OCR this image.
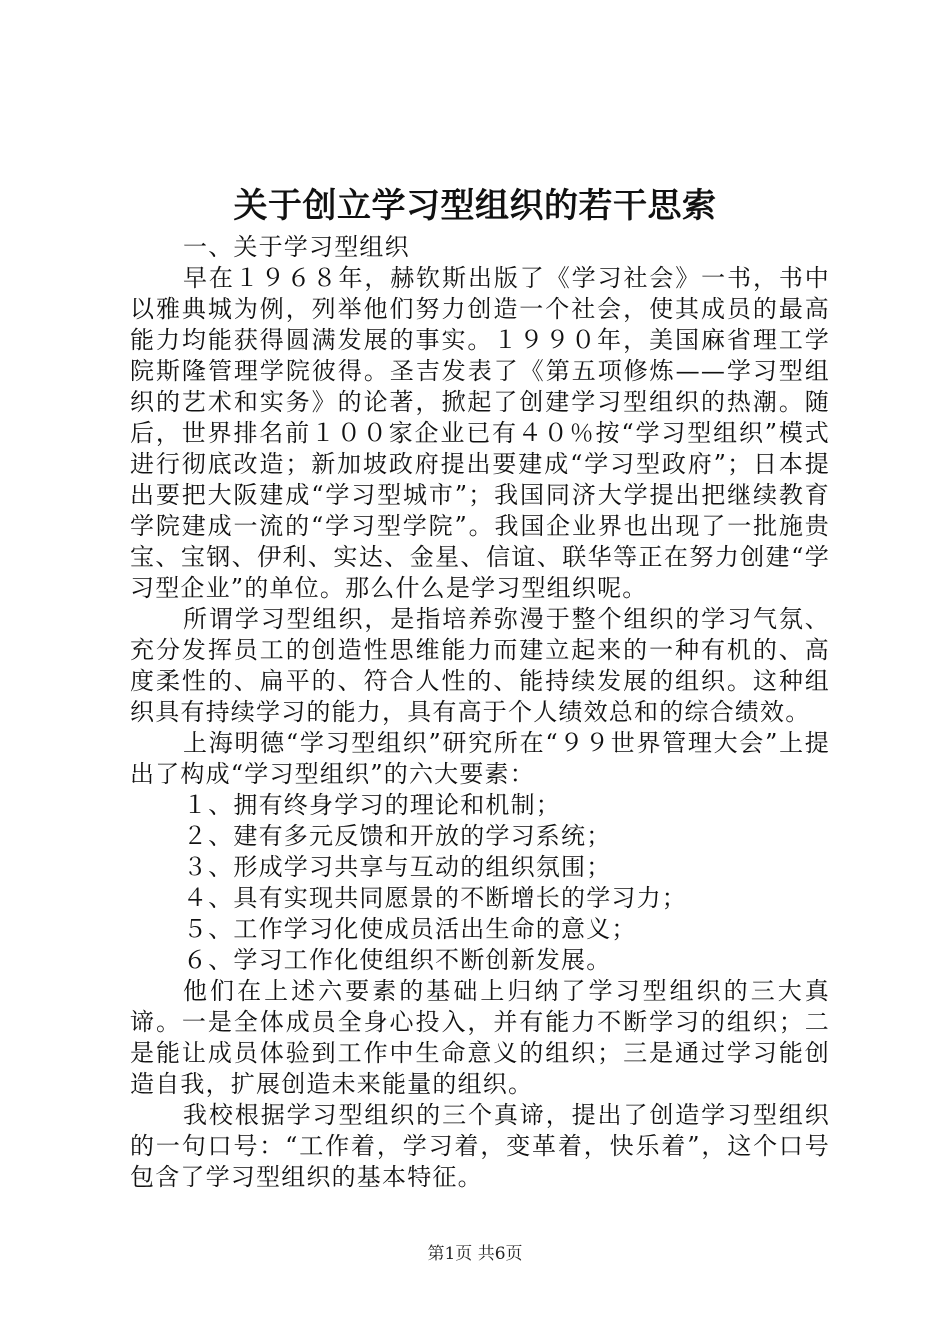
关于创立学习型组织的若干思索

一、关于学习型组织

早在１９６８年，赫钦斯出版了《学习社会》一书，书中以雅典城为例，列举他们努力创造一个社会，使其成员的最高能力均能获得圆满发展的事实。１９９０年，美国麻省理工学院斯隆管理学院彼得。圣吉发表了《第五项修炼——学习型组织的艺术和实务》的论著，掀起了创建学习型组织的热潮。随后，世界排名前１００家企业已有４０％按“学习型组织”模式进行彻底改造；新加坡政府提出要建成“学习型政府”；日本提出要把大阪建成“学习型城市”；我国同济大学提出把继续教育学院建成一流的“学习型学院”。我国企业界也出现了一批施贵宝、宝钢、伊利、实达、金星、信谊、联华等正在努力创建“学习型企业”的单位。那么什么是学习型组织呢。

所谓学习型组织，是指培养弥漫于整个组织的学习气氛、充分发挥员工的创造性思维能力而建立起来的一种有机的、高度柔性的、扁平的、符合人性的、能持续发展的组织。这种组织具有持续学习的能力，具有高于个人绩效总和的综合绩效。

上海明德“学习型组织”研究所在“９９世界管理大会”上提出了构成“学习型组织”的六大要素：

１、拥有终身学习的理论和机制；

２、建有多元反馈和开放的学习系统；

３、形成学习共享与互动的组织氛围；

４、具有实现共同愿景的不断增长的学习力；

５、工作学习化使成员活出生命的意义；

６、学习工作化使组织不断创新发展。

他们在上述六要素的基础上归纳了学习型组织的三大真谛。一是全体成员全身心投入，并有能力不断学习的组织；二是能让成员体验到工作中生命意义的组织；三是通过学习能创造自我，扩展创造未来能量的组织。

我校根据学习型组织的三个真谛，提出了创造学习型组织的一句口号：“工作着，学习着，变革着，快乐着”，这个口号包含了学习型组织的基本特征。

第1页 共6页
